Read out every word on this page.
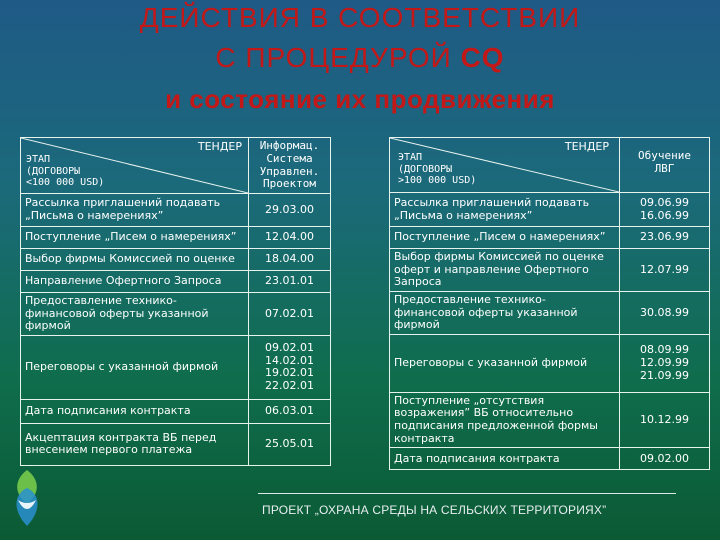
ДЕЙСТВИЯ В СООТВЕТСТВИИ
С ПРОЦЕДУРОЙ CQ
и состояние их продвижения
ТЕНДЕР
ЭТАП
(ДОГОВОРЫ
<100 000 USD)	Информац.
Система
Управлен.
Проектом
Рассылка приглашений подавать „Письма о намерениях”	29.03.00
Поступление „Писем о намерениях”	12.04.00
Выбор фирмы Комиссией по оценке	18.04.00
Направление Офертного Запроса	23.01.01
Предоставление технико-финансовой оферты указанной фирмой	07.02.01
Переговоры с указанной фирмой	09.02.01
14.02.01
19.02.01
22.02.01
Дата подписания контракта	06.03.01
Акцептация контракта ВБ перед внесением первого платежа	25.05.01
ТЕНДЕР
ЭТАП
(ДОГОВОРЫ
>100 000 USD)	Обучение
ЛВГ
Рассылка приглашений подавать „Письма о намерениях”	09.06.99
16.06.99
Поступление „Писем о намерениях”	23.06.99
Выбор фирмы Комиссией по оценке оферт и направление Офертного Запроса	12.07.99
Предоставление технико-финансовой оферты указанной фирмой	30.08.99
Переговоры с указанной фирмой	08.09.99
12.09.99
21.09.99
Поступление „отсутствия возражения” ВБ относительно подписания предложенной формы контракта	10.12.99
Дата подписания контракта	09.02.00
ПРОЕКТ „ОХРАНА СРЕДЫ НА СЕЛЬСКИХ ТЕРРИТОРИЯХ”
